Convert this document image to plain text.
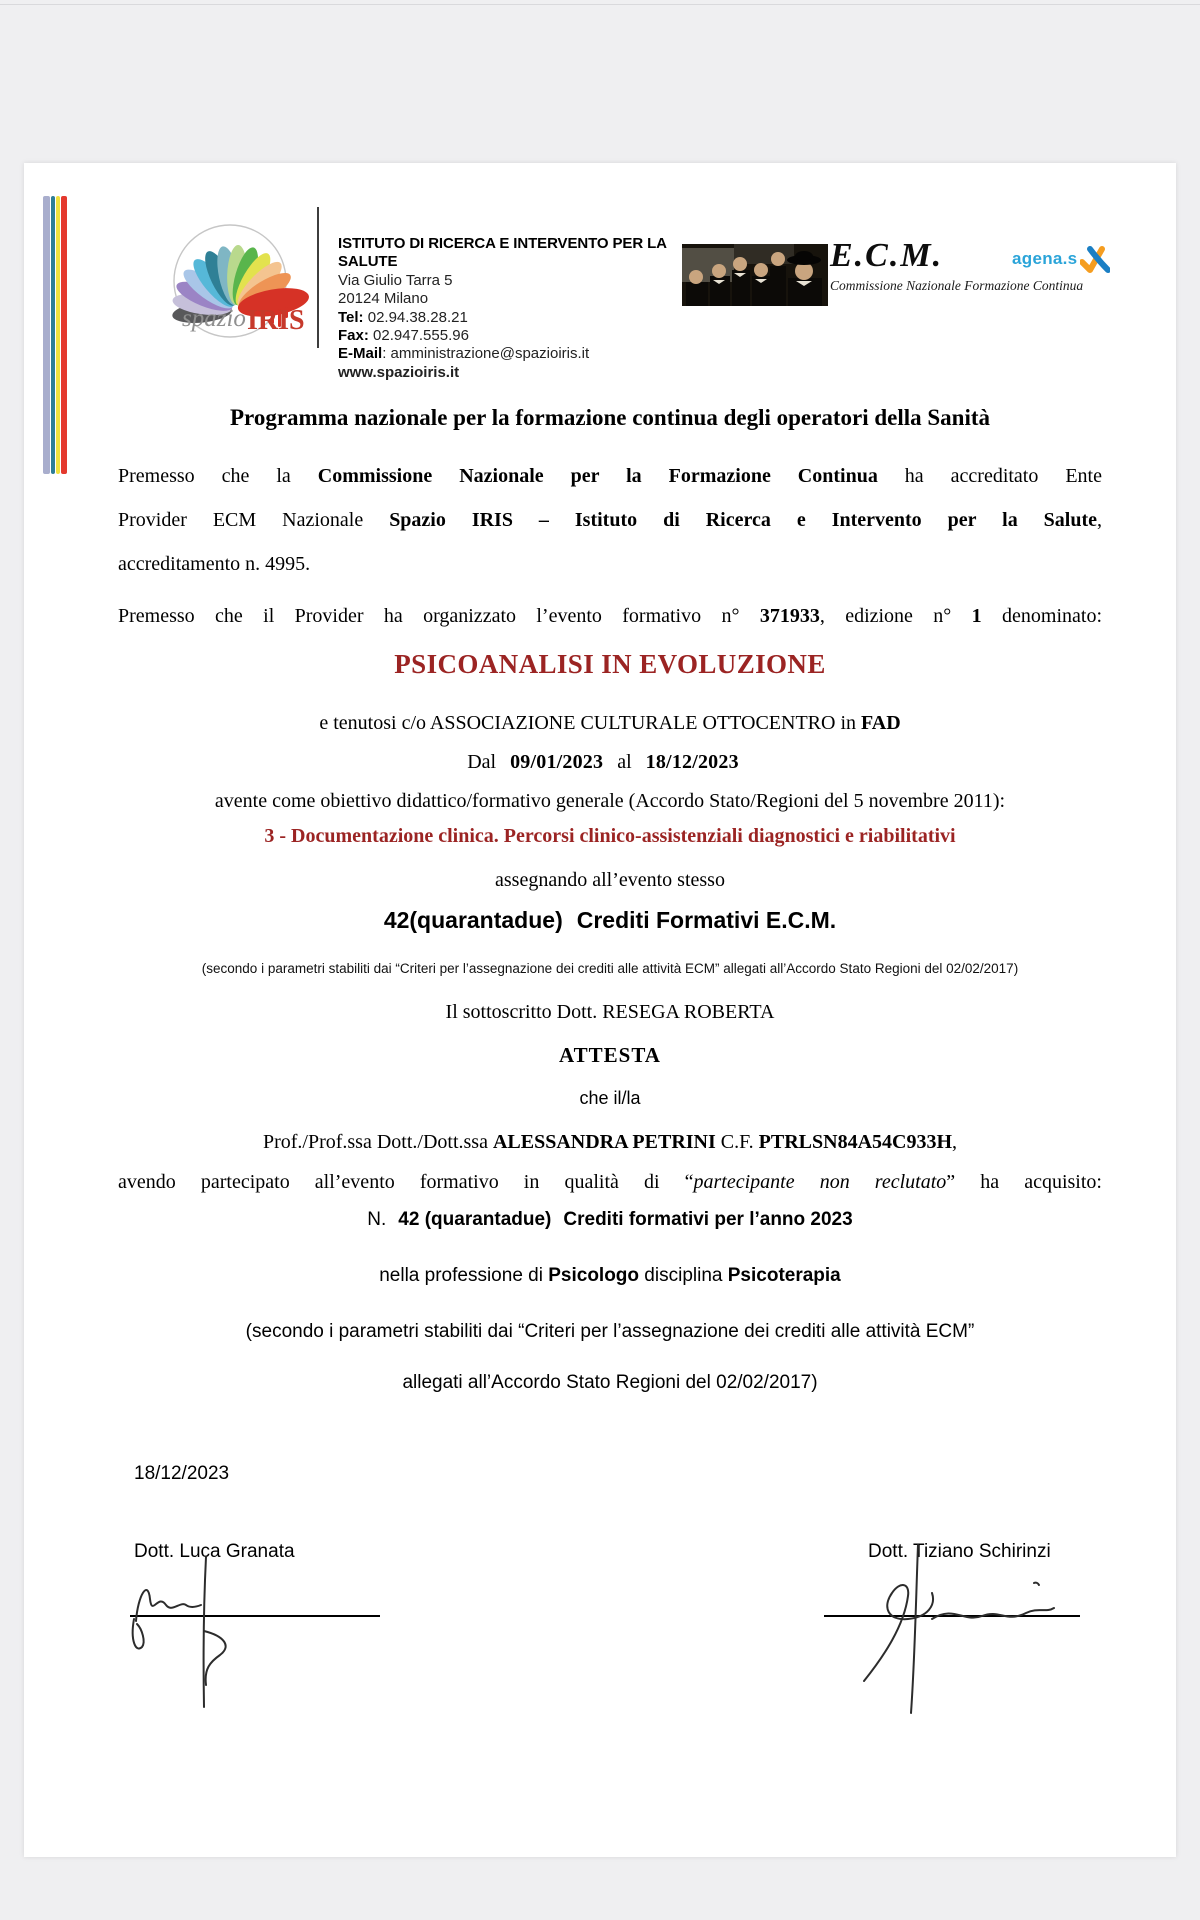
spazio IRIS
ISTITUTO DI RICERCA E INTERVENTO PER LA SALUTE
Via Giulio Tarra 5
20124 Milano
Tel: 02.94.38.28.21
Fax: 02.947.555.96
E-Mail: amministrazione@spazioiris.it
www.spazioiris.it
E.C.M.
Commissione Nazionale Formazione Continua
agena.s
Programma nazionale per la formazione continua degli operatori della Sanità
Premesso che la Commissione Nazionale per la Formazione Continua ha accreditato Ente
Provider ECM Nazionale Spazio IRIS – Istituto di Ricerca e Intervento per la Salute,
accreditamento n. 4995.
Premesso che il Provider ha organizzato l’evento formativo n° 371933, edizione n° 1 denominato:
PSICOANALISI IN EVOLUZIONE
e tenutosi c/o ASSOCIAZIONE CULTURALE OTTOCENTRO in FAD
Dal 09/01/2023 al 18/12/2023
avente come obiettivo didattico/formativo generale (Accordo Stato/Regioni del 5 novembre 2011):
3 - Documentazione clinica. Percorsi clinico-assistenziali diagnostici e riabilitativi
assegnando all’evento stesso
42(quarantadue) Crediti Formativi E.C.M.
(secondo i parametri stabiliti dai “Criteri per l’assegnazione dei crediti alle attività ECM” allegati all’Accordo Stato Regioni del 02/02/2017)
Il sottoscritto Dott. RESEGA ROBERTA
ATTESTA
che il/la
Prof./Prof.ssa Dott./Dott.ssa ALESSANDRA PETRINI C.F. PTRLSN84A54C933H,
avendo partecipato all’evento formativo in qualità di “partecipante non reclutato” ha acquisito:
N. 42 (quarantadue) Crediti formativi per l’anno 2023
nella professione di Psicologo disciplina Psicoterapia
(secondo i parametri stabiliti dai “Criteri per l’assegnazione dei crediti alle attività ECM”
allegati all’Accordo Stato Regioni del 02/02/2017)
18/12/2023
Dott. Luca Granata	Dott. Tiziano Schirinzi
